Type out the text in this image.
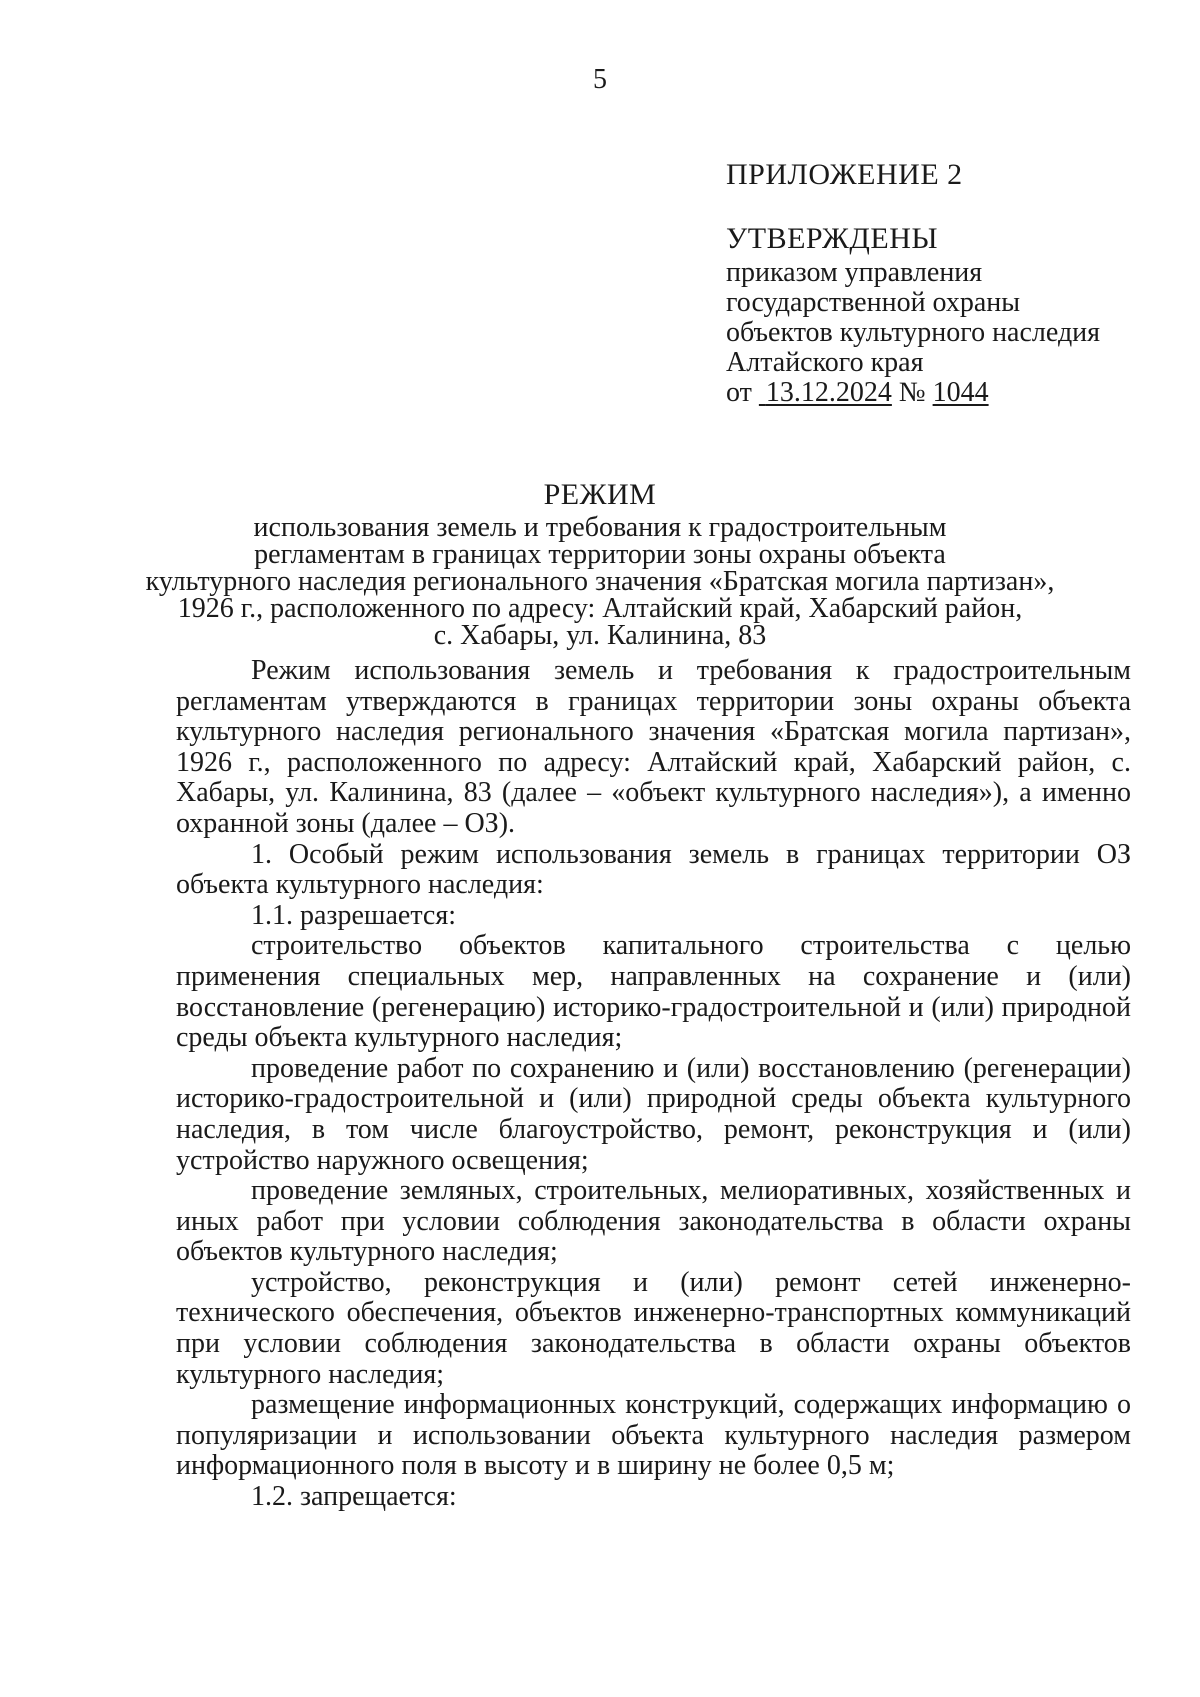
5
ПРИЛОЖЕНИЕ 2
УТВЕРЖДЕНЫ
приказом управления
государственной охраны
объектов культурного наследия
Алтайского края
от 13.12.2024 № 1044
РЕЖИМ
использования земель и требования к градостроительным
регламентам в границах территории зоны охраны объекта
культурного наследия регионального значения «Братская могила партизан»,
1926 г., расположенного по адресу: Алтайский край, Хабарский район,
с. Хабары, ул. Калинина, 83

Режим использования земель и требования к градостроительным регламентам утверждаются в границах территории зоны охраны объекта культурного наследия регионального значения «Братская могила партизан», 1926 г., расположенного по адресу: Алтайский край, Хабарский район, с. Хабары, ул. Калинина, 83 (далее – «объект культурного наследия»), а именно охранной зоны (далее – ОЗ).

1. Особый режим использования земель в границах территории ОЗ объекта культурного наследия:

1.1. разрешается:

строительство объектов капитального строительства с целью применения специальных мер, направленных на сохранение и (или) восстановление (регенерацию) историко-градостроительной и (или) природной среды объекта культурного наследия;

проведение работ по сохранению и (или) восстановлению (регенерации) историко-градостроительной и (или) природной среды объекта культурного наследия, в том числе благоустройство, ремонт, реконструкция и (или) устройство наружного освещения;

проведение земляных, строительных, мелиоративных, хозяйственных и иных работ при условии соблюдения законодательства в области охраны объектов культурного наследия;

устройство, реконструкция и (или) ремонт сетей инженерно-технического обеспечения, объектов инженерно-транспортных коммуникаций при условии соблюдения законодательства в области охраны объектов культурного наследия;

размещение информационных конструкций, содержащих информацию о популяризации и использовании объекта культурного наследия размером информационного поля в высоту и в ширину не более 0,5 м;

1.2. запрещается:
